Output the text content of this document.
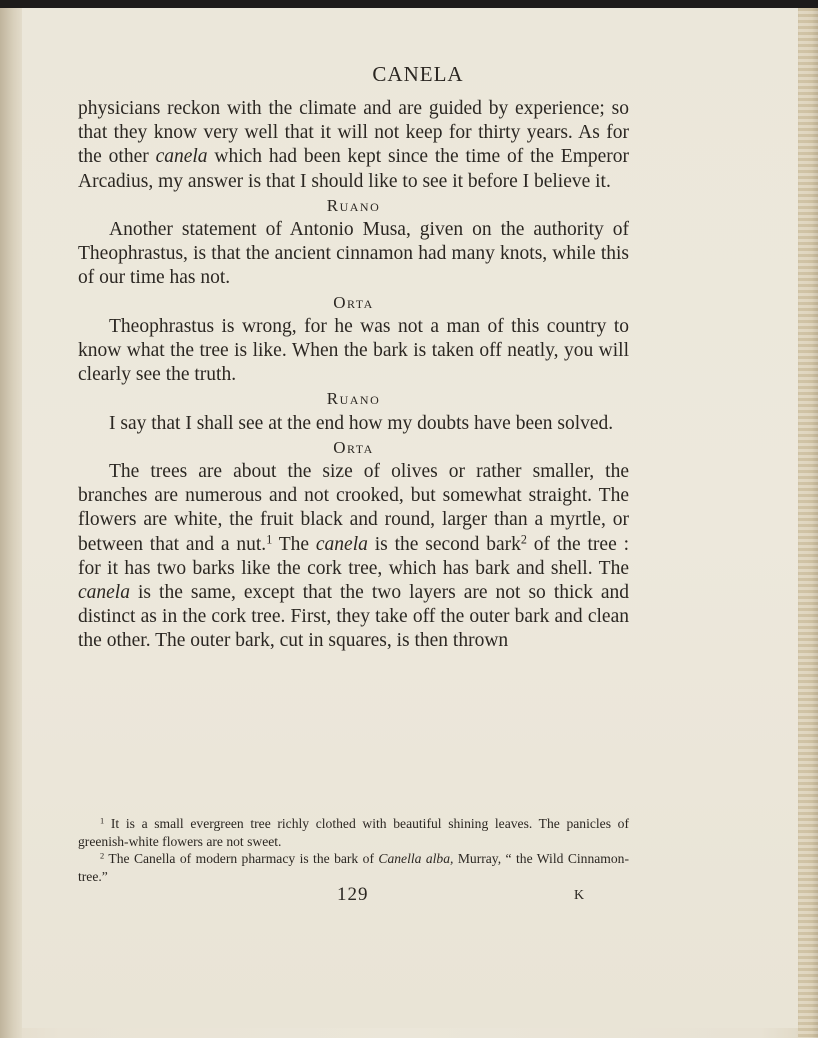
CANELA

physicians reckon with the climate and are guided by experience; so that they know very well that it will not keep for thirty years. As for the other canela which had been kept since the time of the Emperor Arcadius, my answer is that I should like to see it before I believe it.

Ruano

Another statement of Antonio Musa, given on the authority of Theophrastus, is that the ancient cinnamon had many knots, while this of our time has not.

Orta

Theophrastus is wrong, for he was not a man of this country to know what the tree is like. When the bark is taken off neatly, you will clearly see the truth.

Ruano

I say that I shall see at the end how my doubts have been solved.

Orta

The trees are about the size of olives or rather smaller, the branches are numerous and not crooked, but somewhat straight. The flowers are white, the fruit black and round, larger than a myrtle, or between that and a nut.$^1$ The canela is the second bark$^2$ of the tree : for it has two barks like the cork tree, which has bark and shell. The canela is the same, except that the two layers are not so thick and distinct as in the cork tree. First, they take off the outer bark and clean the other. The outer bark, cut in squares, is then thrown

$^1$ It is a small evergreen tree richly clothed with beautiful shining leaves. The panicles of greenish-white flowers are not sweet.

$^2$ The Canella of modern pharmacy is the bark of Canella alba, Murray, “ the Wild Cinnamon-tree.”

129	K
